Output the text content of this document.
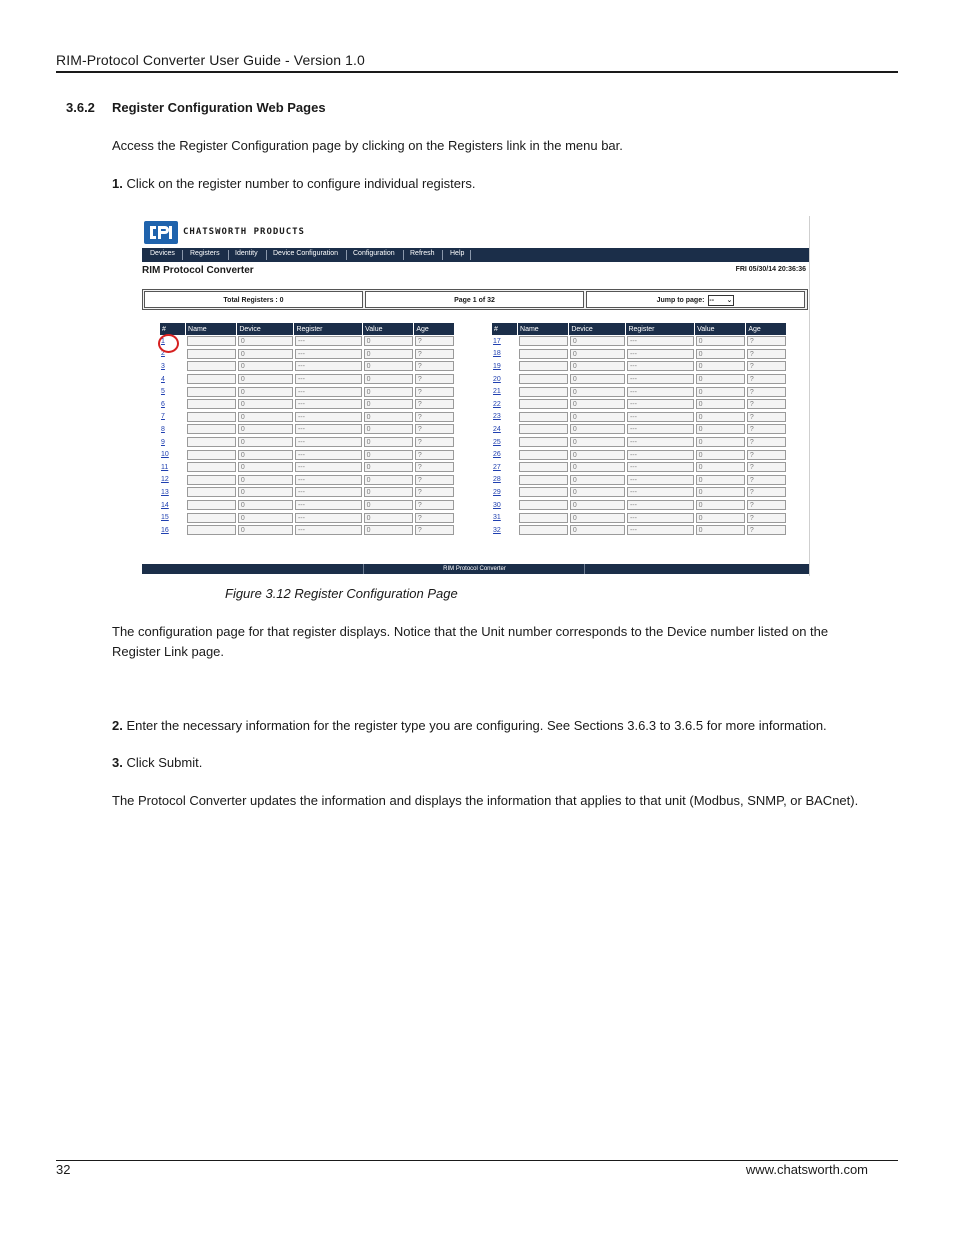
RIM-Protocol Converter User Guide - Version 1.0
3.6.2 Register Configuration Web Pages
Access the Register Configuration page by clicking on the Registers link in the menu bar.
1. Click on the register number to configure individual registers.
CHATSWORTH PRODUCTS
Devices Registers Identity Device Configuration Configuration Refresh Help
RIM Protocol Converter	FRI 05/30/14 20:36:36
Total Registers : 0	Page 1 of 32	Jump to page: -- ⌄
#	Name	Device	Register	Value	Age
1		0	---	0	?

2		0	---	0	?

3		0	---	0	?

4		0	---	0	?

5		0	---	0	?

6		0	---	0	?

7		0	---	0	?

8		0	---	0	?

9		0	---	0	?

10		0	---	0	?

11		0	---	0	?

12		0	---	0	?

13		0	---	0	?

14		0	---	0	?

15		0	---	0	?

16		0	---	0	?
#	Name	Device	Register	Value	Age
17		0	---	0	?

18		0	---	0	?

19		0	---	0	?

20		0	---	0	?

21		0	---	0	?

22		0	---	0	?

23		0	---	0	?

24		0	---	0	?

25		0	---	0	?

26		0	---	0	?

27		0	---	0	?

28		0	---	0	?

29		0	---	0	?

30		0	---	0	?

31		0	---	0	?

32		0	---	0	?
RIM Protocol Converter
Figure 3.12 Register Configuration Page
The configuration page for that register displays. Notice that the Unit number corresponds to the Device number listed on the Register Link page.
2. Enter the necessary information for the register type you are configuring. See Sections 3.6.3 to 3.6.5 for more information.
3. Click Submit.
The Protocol Converter updates the information and displays the information that applies to that unit (Modbus, SNMP, or BACnet).
32	www.chatsworth.com
